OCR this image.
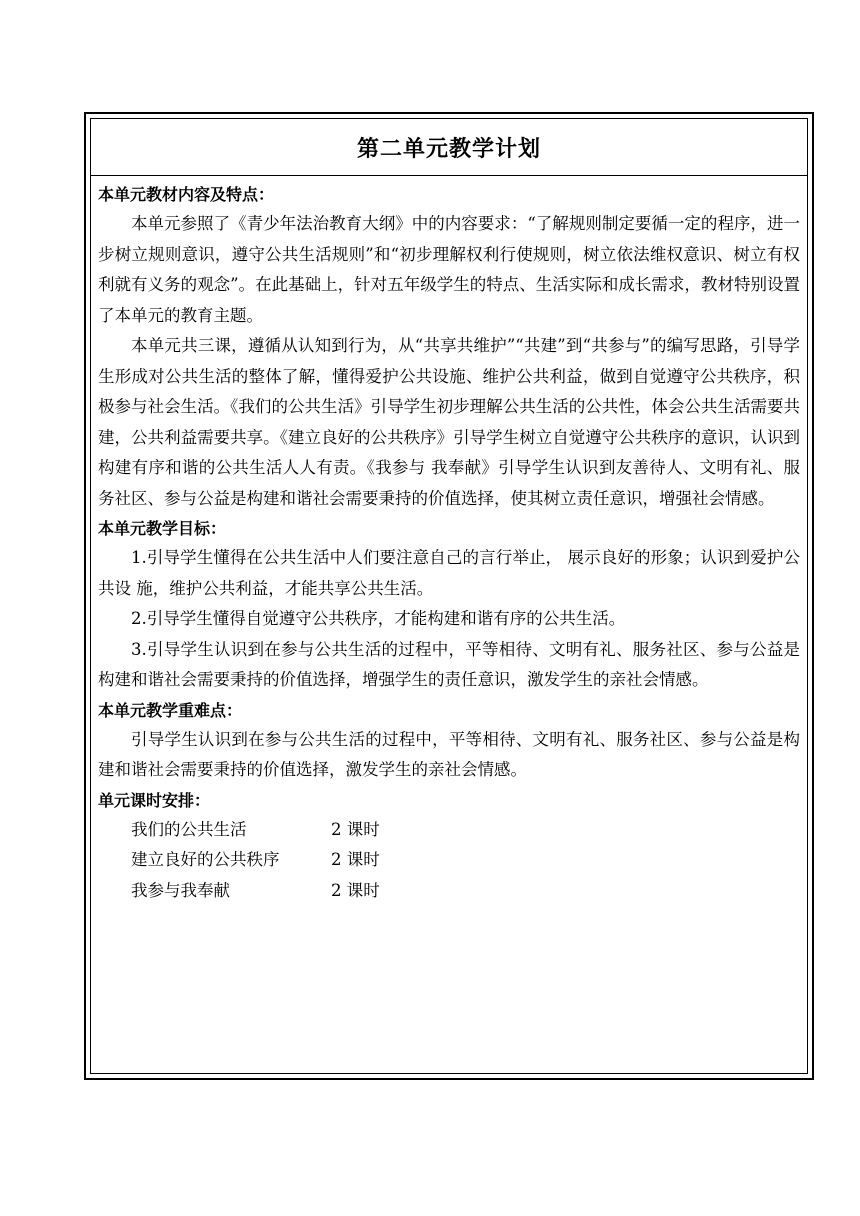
第二单元教学计划
本单元教材内容及特点：

本单元参照了《青少年法治教育大纲》中的内容要求：“了解规则制定要循一定的程序，进一步树立规则意识，遵守公共生活规则”和“初步理解权利行使规则，树立依法维权意识、树立有权利就有义务的观念”。在此基础上，针对五年级学生的特点、生活实际和成长需求，教材特别设置了本单元的教育主题。

本单元共三课，遵循从认知到行为，从“共享共维护”“共建”到“共参与”的编写思路，引导学生形成对公共生活的整体了解，懂得爱护公共设施、维护公共利益，做到自觉遵守公共秩序，积极参与社会生活。《我们的公共生活》引导学生初步理解公共生活的公共性，体会公共生活需要共建，公共利益需要共享。《建立良好的公共秩序》引导学生树立自觉遵守公共秩序的意识，认识到构建有序和谐的公共生活人人有责。《我参与 我奉献》引导学生认识到友善待人、文明有礼、服务社区、参与公益是构建和谐社会需要秉持的价值选择，使其树立责任意识，增强社会情感。

本单元教学目标：

1.引导学生懂得在公共生活中人们要注意自己的言行举止， 展示良好的形象；认识到爱护公共设 施，维护公共利益，才能共享公共生活。

2.引导学生懂得自觉遵守公共秩序，才能构建和谐有序的公共生活。

3.引导学生认识到在参与公共生活的过程中，平等相待、文明有礼、服务社区、参与公益是构建和谐社会需要秉持的价值选择，增强学生的责任意识，激发学生的亲社会情感。

本单元教学重难点：

引导学生认识到在参与公共生活的过程中，平等相待、文明有礼、服务社区、参与公益是构建和谐社会需要秉持的价值选择，激发学生的亲社会情感。

单元课时安排：
我们的公共生活	2 课时
建立良好的公共秩序	2 课时
我参与我奉献	2 课时
